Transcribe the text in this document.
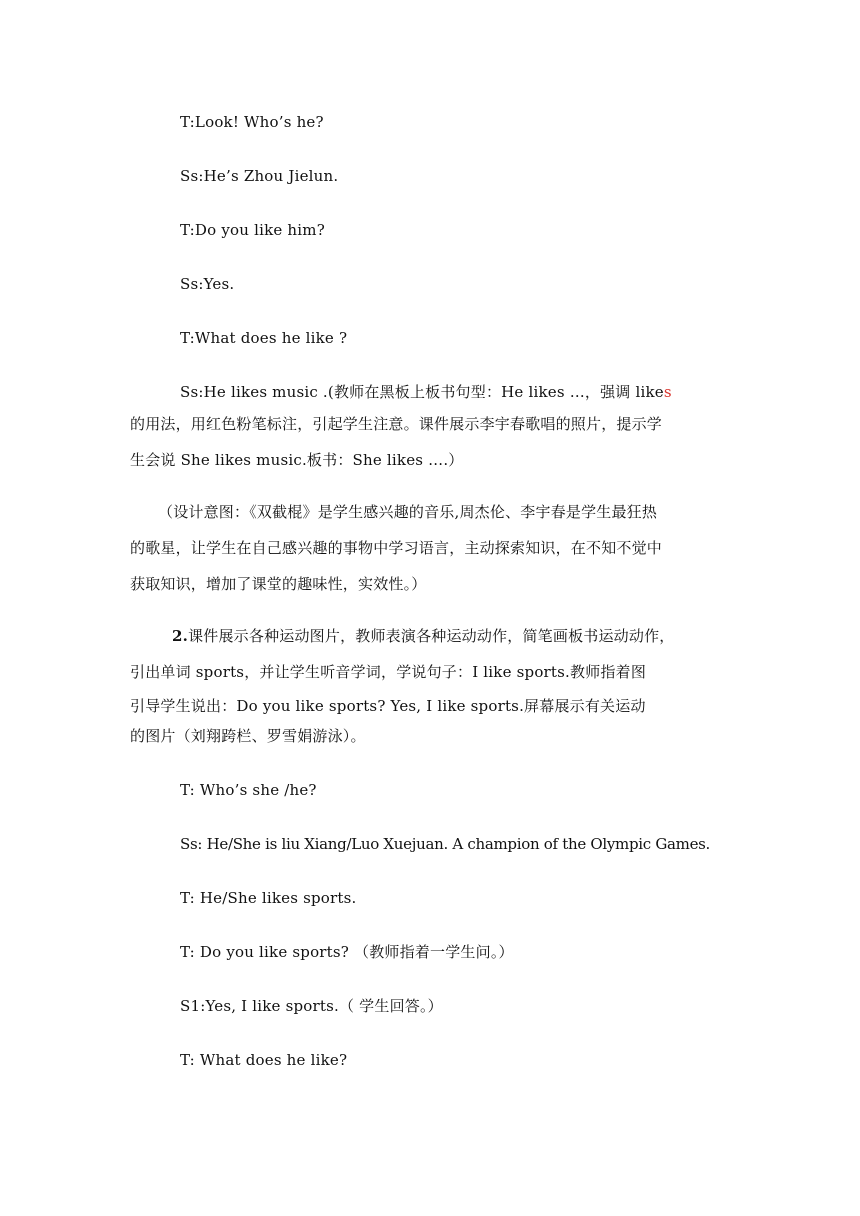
T:Look! Who’s he?
Ss:He’s Zhou Jielun.
T:Do you like him?
Ss:Yes.
T:What does he like ?
Ss:He likes music .(教师在黑板上板书句型：He likes …，强调 likes
的用法，用红色粉笔标注，引起学生注意。课件展示李宇春歌唱的照片，提示学
生会说 She likes music.板书：She likes ….）
（设计意图：《双截棍》是学生感兴趣的音乐,周杰伦、李宇春是学生最狂热
的歌星，让学生在自己感兴趣的事物中学习语言，主动探索知识，在不知不觉中
获取知识，增加了课堂的趣味性，实效性。）
2.课件展示各种运动图片，教师表演各种运动动作，简笔画板书运动动作，
引出单词 sports，并让学生听音学词，学说句子：I like sports.教师指着图
引导学生说出：Do you like sports? Yes, I like sports.屏幕展示有关运动
的图片（刘翔跨栏、罗雪娟游泳）。
T: Who’s she /he?
Ss: He/She is liu Xiang/Luo Xuejuan. A champion of the Olympic Games.
T: He/She likes sports.
T: Do you like sports? （教师指着一学生问。）
S1:Yes, I like sports.（ 学生回答。）
T: What does he like?
